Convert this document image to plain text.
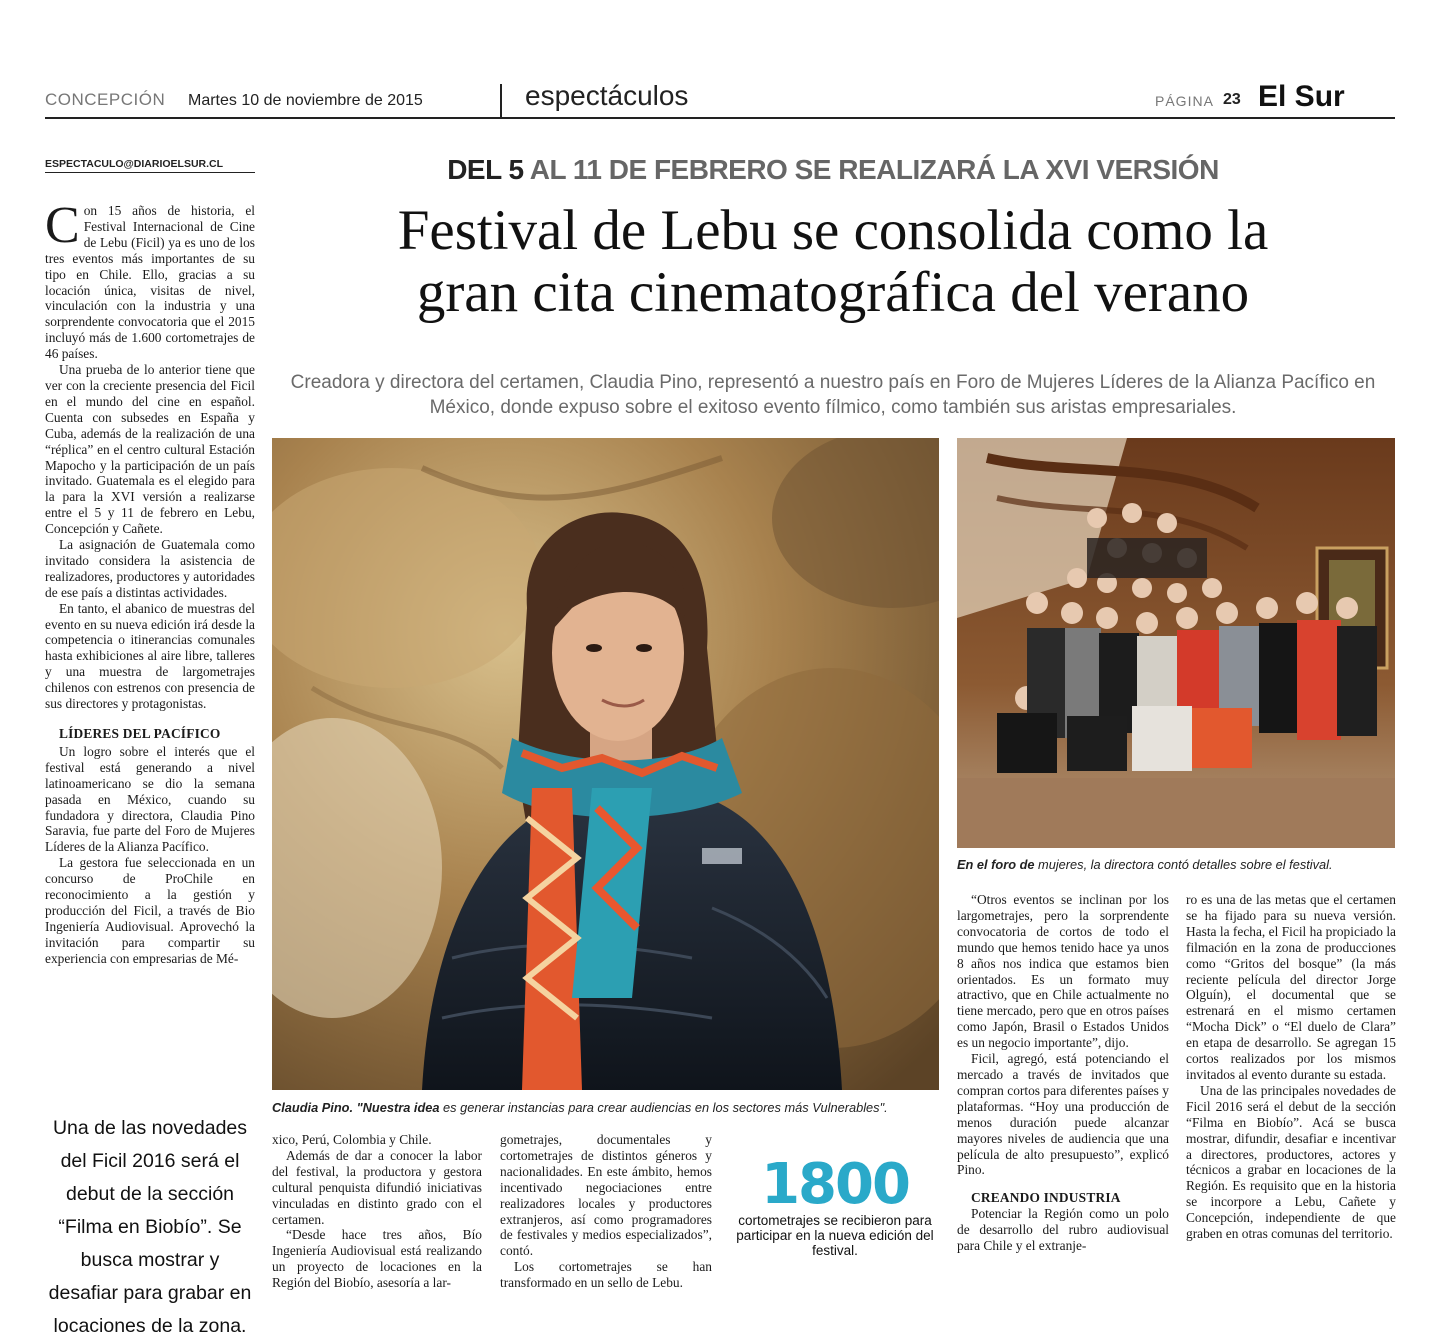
CONCEPCIÓN Martes 10 de noviembre de 2015	espectáculos	PÁGINA 23 El Sur
ESPECTACULO@DIARIOELSUR.CL

Con 15 años de historia, el Festival Internacional de Cine de Lebu (Ficil) ya es uno de los tres eventos más importantes de su tipo en Chile. Ello, gracias a su locación única, visitas de nivel, vinculación con la industria y una sorprendente convocatoria que el 2015 incluyó más de 1.600 cortometrajes de 46 países.

Una prueba de lo anterior tiene que ver con la creciente presencia del Ficil en el mundo del cine en español. Cuenta con subsedes en España y Cuba, además de la realización de una “réplica” en el centro cultural Estación Mapocho y la participación de un país invitado. Guatemala es el elegido para la para la XVI versión a realizarse entre el 5 y 11 de febrero en Lebu, Concepción y Cañete.

La asignación de Guatemala como invitado considera la asistencia de realizadores, productores y autoridades de ese país a distintas actividades.

En tanto, el abanico de muestras del evento en su nueva edición irá desde la competencia o itinerancias comunales hasta exhibiciones al aire libre, talleres y una muestra de largometrajes chilenos con estrenos con presencia de sus directores y protagonistas.

LÍDERES DEL PACÍFICO

Un logro sobre el interés que el festival está generando a nivel latinoamericano se dio la semana pasada en México, cuando su fundadora y directora, Claudia Pino Saravia, fue parte del Foro de Mujeres Líderes de la Alianza Pacífico.

La gestora fue seleccionada en un concurso de ProChile en reconocimiento a la gestión y producción del Ficil, a través de Bio Ingeniería Audiovisual. Aprovechó la invitación para compartir su experiencia con empresarias de Mé-

Una de las novedades del Ficil 2016 será el debut de la sección “Filma en Biobío”. Se busca mostrar y desafiar para grabar en locaciones de la zona.
DEL 5 AL 11 DE FEBRERO SE REALIZARÁ LA XVI VERSIÓN
Festival de Lebu se consolida como la
gran cita cinematográfica del verano
Creadora y directora del certamen, Claudia Pino, representó a nuestro país en Foro de Mujeres Líderes de la Alianza Pacífico en México, donde expuso sobre el exitoso evento fílmico, como también sus aristas empresariales.
Claudia Pino. "Nuestra idea es generar instancias para crear audiencias en los sectores más Vulnerables".
En el foro de mujeres, la directora contó detalles sobre el festival.

xico, Perú, Colombia y Chile.

Además de dar a conocer la labor del festival, la productora y gestora cultural penquista difundió iniciativas vinculadas en distinto grado con el certamen.

“Desde hace tres años, Bío Ingeniería Audiovisual está realizando un proyecto de locaciones en la Región del Biobío, asesoría a lar-

gometrajes, documentales y cortometrajes de distintos géneros y nacionalidades. En este ámbito, hemos incentivado negociaciones entre realizadores locales y productores extranjeros, así como programadores de festivales y medios especializados”, contó.

Los cortometrajes se han transformado en un sello de Lebu.

1800
cortometrajes se recibieron para participar en la nueva edición del festival.

“Otros eventos se inclinan por los largometrajes, pero la sorprendente convocatoria de cortos de todo el mundo que hemos tenido hace ya unos 8 años nos indica que estamos bien orientados. Es un formato muy atractivo, que en Chile actualmente no tiene mercado, pero que en otros países como Japón, Brasil o Estados Unidos es un negocio importante”, dijo.

Ficil, agregó, está potenciando el mercado a través de invitados que compran cortos para diferentes países y plataformas. “Hoy una producción de menos duración puede alcanzar mayores niveles de audiencia que una película de alto presupuesto”, explicó Pino.

CREANDO INDUSTRIA

Potenciar la Región como un polo de desarrollo del rubro audiovisual para Chile y el extranje-

ro es una de las metas que el certamen se ha fijado para su nueva versión. Hasta la fecha, el Ficil ha propiciado la filmación en la zona de producciones como “Gritos del bosque” (la más reciente película del director Jorge Olguín), el documental que se estrenará en el mismo certamen “Mocha Dick” o “El duelo de Clara” en etapa de desarrollo. Se agregan 15 cortos realizados por los mismos invitados al evento durante su estada.

Una de las principales novedades de Ficil 2016 será el debut de la sección “Filma en Biobío”. Acá se busca mostrar, difundir, desafiar e incentivar a directores, productores, actores y técnicos a grabar en locaciones de la Región. Es requisito que en la historia se incorpore a Lebu, Cañete y Concepción, independiente de que graben en otras comunas del territorio.
